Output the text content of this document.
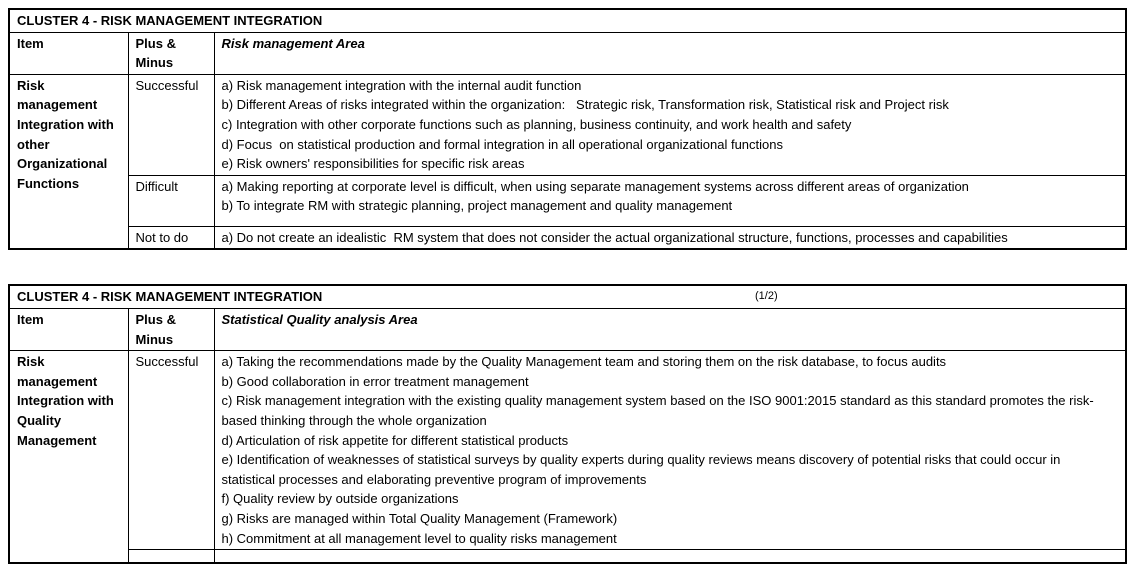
CLUSTER 4 - RISK MANAGEMENT INTEGRATION		
Item	Plus & Minus	Risk management Area
Risk management Integration with other Organizational Functions	Successful	a) Risk management integration with the internal audit function
b) Different Areas of risks integrated within the organization:   Strategic risk, Transformation risk, Statistical risk and Project risk
c) Integration with other corporate functions such as planning, business continuity, and work health and safety
d) Focus  on statistical production and formal integration in all operational organizational functions
e) Risk owners' responsibilities for specific risk areas

	Difficult	a) Making reporting at corporate level is difficult, when using separate management systems across different areas of organization
b) To integrate RM with strategic planning, project management and quality management

	Not to do	a) Do not create an idealistic  RM system that does not consider the actual organizational structure, functions, processes and capabilities
CLUSTER 4 - RISK MANAGEMENT INTEGRATION (1/2)		

Item	Plus & Minus	Statistical Quality analysis Area
Risk management Integration with Quality Management	Successful	a) Taking the recommendations made by the Quality Management team and storing them on the risk database, to focus audits
b) Good collaboration in error treatment management
c) Risk management integration with the existing quality management system based on the ISO 9001:2015 standard as this standard promotes the risk-based thinking through the whole organization
d) Articulation of risk appetite for different statistical products
e) Identification of weaknesses of statistical surveys by quality experts during quality reviews means discovery of potential risks that could occur in statistical processes and elaborating preventive program of improvements
f) Quality review by outside organizations
g) Risks are managed within Total Quality Management (Framework)
h) Commitment at all management level to quality risks management
